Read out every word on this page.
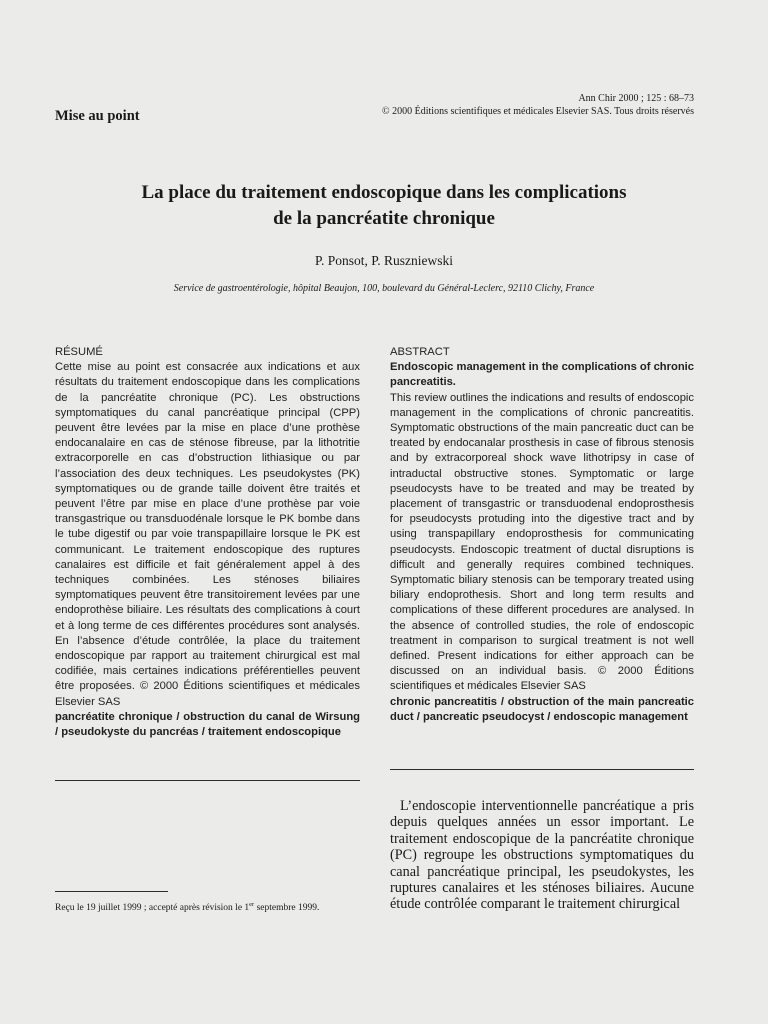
Ann Chir 2000 ; 125 : 68–73
© 2000 Éditions scientifiques et médicales Elsevier SAS. Tous droits réservés
Mise au point
La place du traitement endoscopique dans les complications
de la pancréatite chronique
P. Ponsot, P. Ruszniewski
Service de gastroentérologie, hôpital Beaujon, 100, boulevard du Général-Leclerc, 92110 Clichy, France
RÉSUMÉ

Cette mise au point est consacrée aux indications et aux résultats du traitement endoscopique dans les complications de la pancréatite chronique (PC). Les obstructions symptomatiques du canal pancréatique principal (CPP) peuvent être levées par la mise en place d’une prothèse endocanalaire en cas de sténose fibreuse, par la lithotritie extracorporelle en cas d’obstruction lithiasique ou par l’association des deux techniques. Les pseudokystes (PK) symptomatiques ou de grande taille doivent être traités et peuvent l’être par mise en place d’une prothèse par voie transgastrique ou transduodénale lorsque le PK bombe dans le tube digestif ou par voie transpapillaire lorsque le PK est communicant. Le traitement endoscopique des ruptures canalaires est difficile et fait généralement appel à des techniques combinées. Les sténoses biliaires symptomatiques peuvent être transitoirement levées par une endoprothèse biliaire. Les résultats des complications à court et à long terme de ces différentes procédures sont analysés. En l’absence d’étude contrôlée, la place du traitement endoscopique par rapport au traitement chirurgical est mal codifiée, mais certaines indications préférentielles peuvent être proposées. © 2000 Éditions scientifiques et médicales Elsevier SAS

pancréatite chronique / obstruction du canal de Wirsung / pseudokyste du pancréas / traitement endoscopique

ABSTRACT

Endoscopic management in the complications of chronic pancreatitis.

This review outlines the indications and results of endoscopic management in the complications of chronic pancreatitis. Symptomatic obstructions of the main pancreatic duct can be treated by endocanalar prosthesis in case of fibrous stenosis and by extracorporeal shock wave lithotripsy in case of intraductal obstructive stones. Symptomatic or large pseudocysts have to be treated and may be treated by placement of transgastric or transduodenal endoprosthesis for pseudocysts protuding into the digestive tract and by using transpapillary endoprosthesis for communicating pseudocysts. Endoscopic treatment of ductal disruptions is difficult and generally requires combined techniques. Symptomatic biliary stenosis can be temporary treated using biliary endoprothesis. Short and long term results and complications of these different procedures are analysed. In the absence of controlled studies, the role of endoscopic treatment in comparison to surgical treatment is not well defined. Present indications for either approach can be discussed on an individual basis. © 2000 Éditions scientifiques et médicales Elsevier SAS

chronic pancreatitis / obstruction of the main pancreatic duct / pancreatic pseudocyst / endoscopic management

Reçu le 19 juillet 1999 ; accepté après révision le 1er septembre 1999.

L’endoscopie interventionnelle pancréatique a pris depuis quelques années un essor important. Le traitement endoscopique de la pancréatite chronique (PC) regroupe les obstructions symptomatiques du canal pancréatique principal, les pseudokystes, les ruptures canalaires et les sténoses biliaires. Aucune étude contrôlée comparant le traitement chirurgical
